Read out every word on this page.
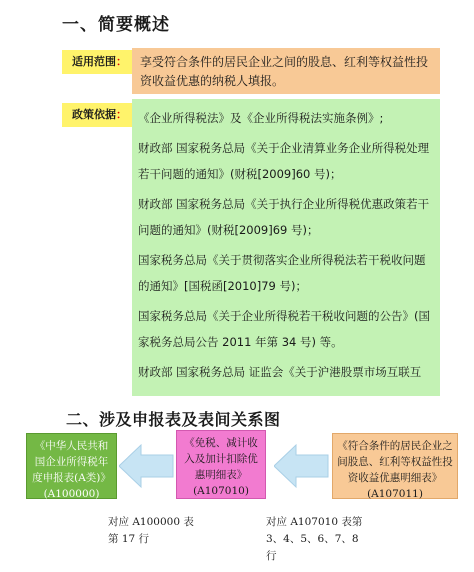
一、简要概述
适用范围：	享受符合条件的居民企业之间的股息、红利等权益性投资收益优惠的纳税人填报。
政策依据： 《企业所得税法》及《企业所得税法实施条例》;
财政部 国家税务总局《关于企业清算业务企业所得税处理若干问题的通知》(财税[2009]60 号)；
财政部 国家税务总局《关于执行企业所得税优惠政策若干问题的通知》(财税[2009]69 号)；
国家税务总局《关于贯彻落实企业所得税法若干税收问题的通知》[国税函[2010]79 号)；
国家税务总局《关于企业所得税若干税收问题的公告》(国家税务总局公告 2011 年第 34 号) 等。
财政部 国家税务总局 证监会《关于沪港股票市场互联互
二、涉及申报表及表间关系图
《中华人民共和国企业所得税年度申报表(A类)》
(A100000)
《免税、减计收入及加计扣除优惠明细表》
(A107010)
《符合条件的居民企业之间股息、红利等权益性投资收益优惠明细表》
(A107011)
对应 A100000 表第 17 行
对应 A107010 表第 3、4、5、6、7、8 行
